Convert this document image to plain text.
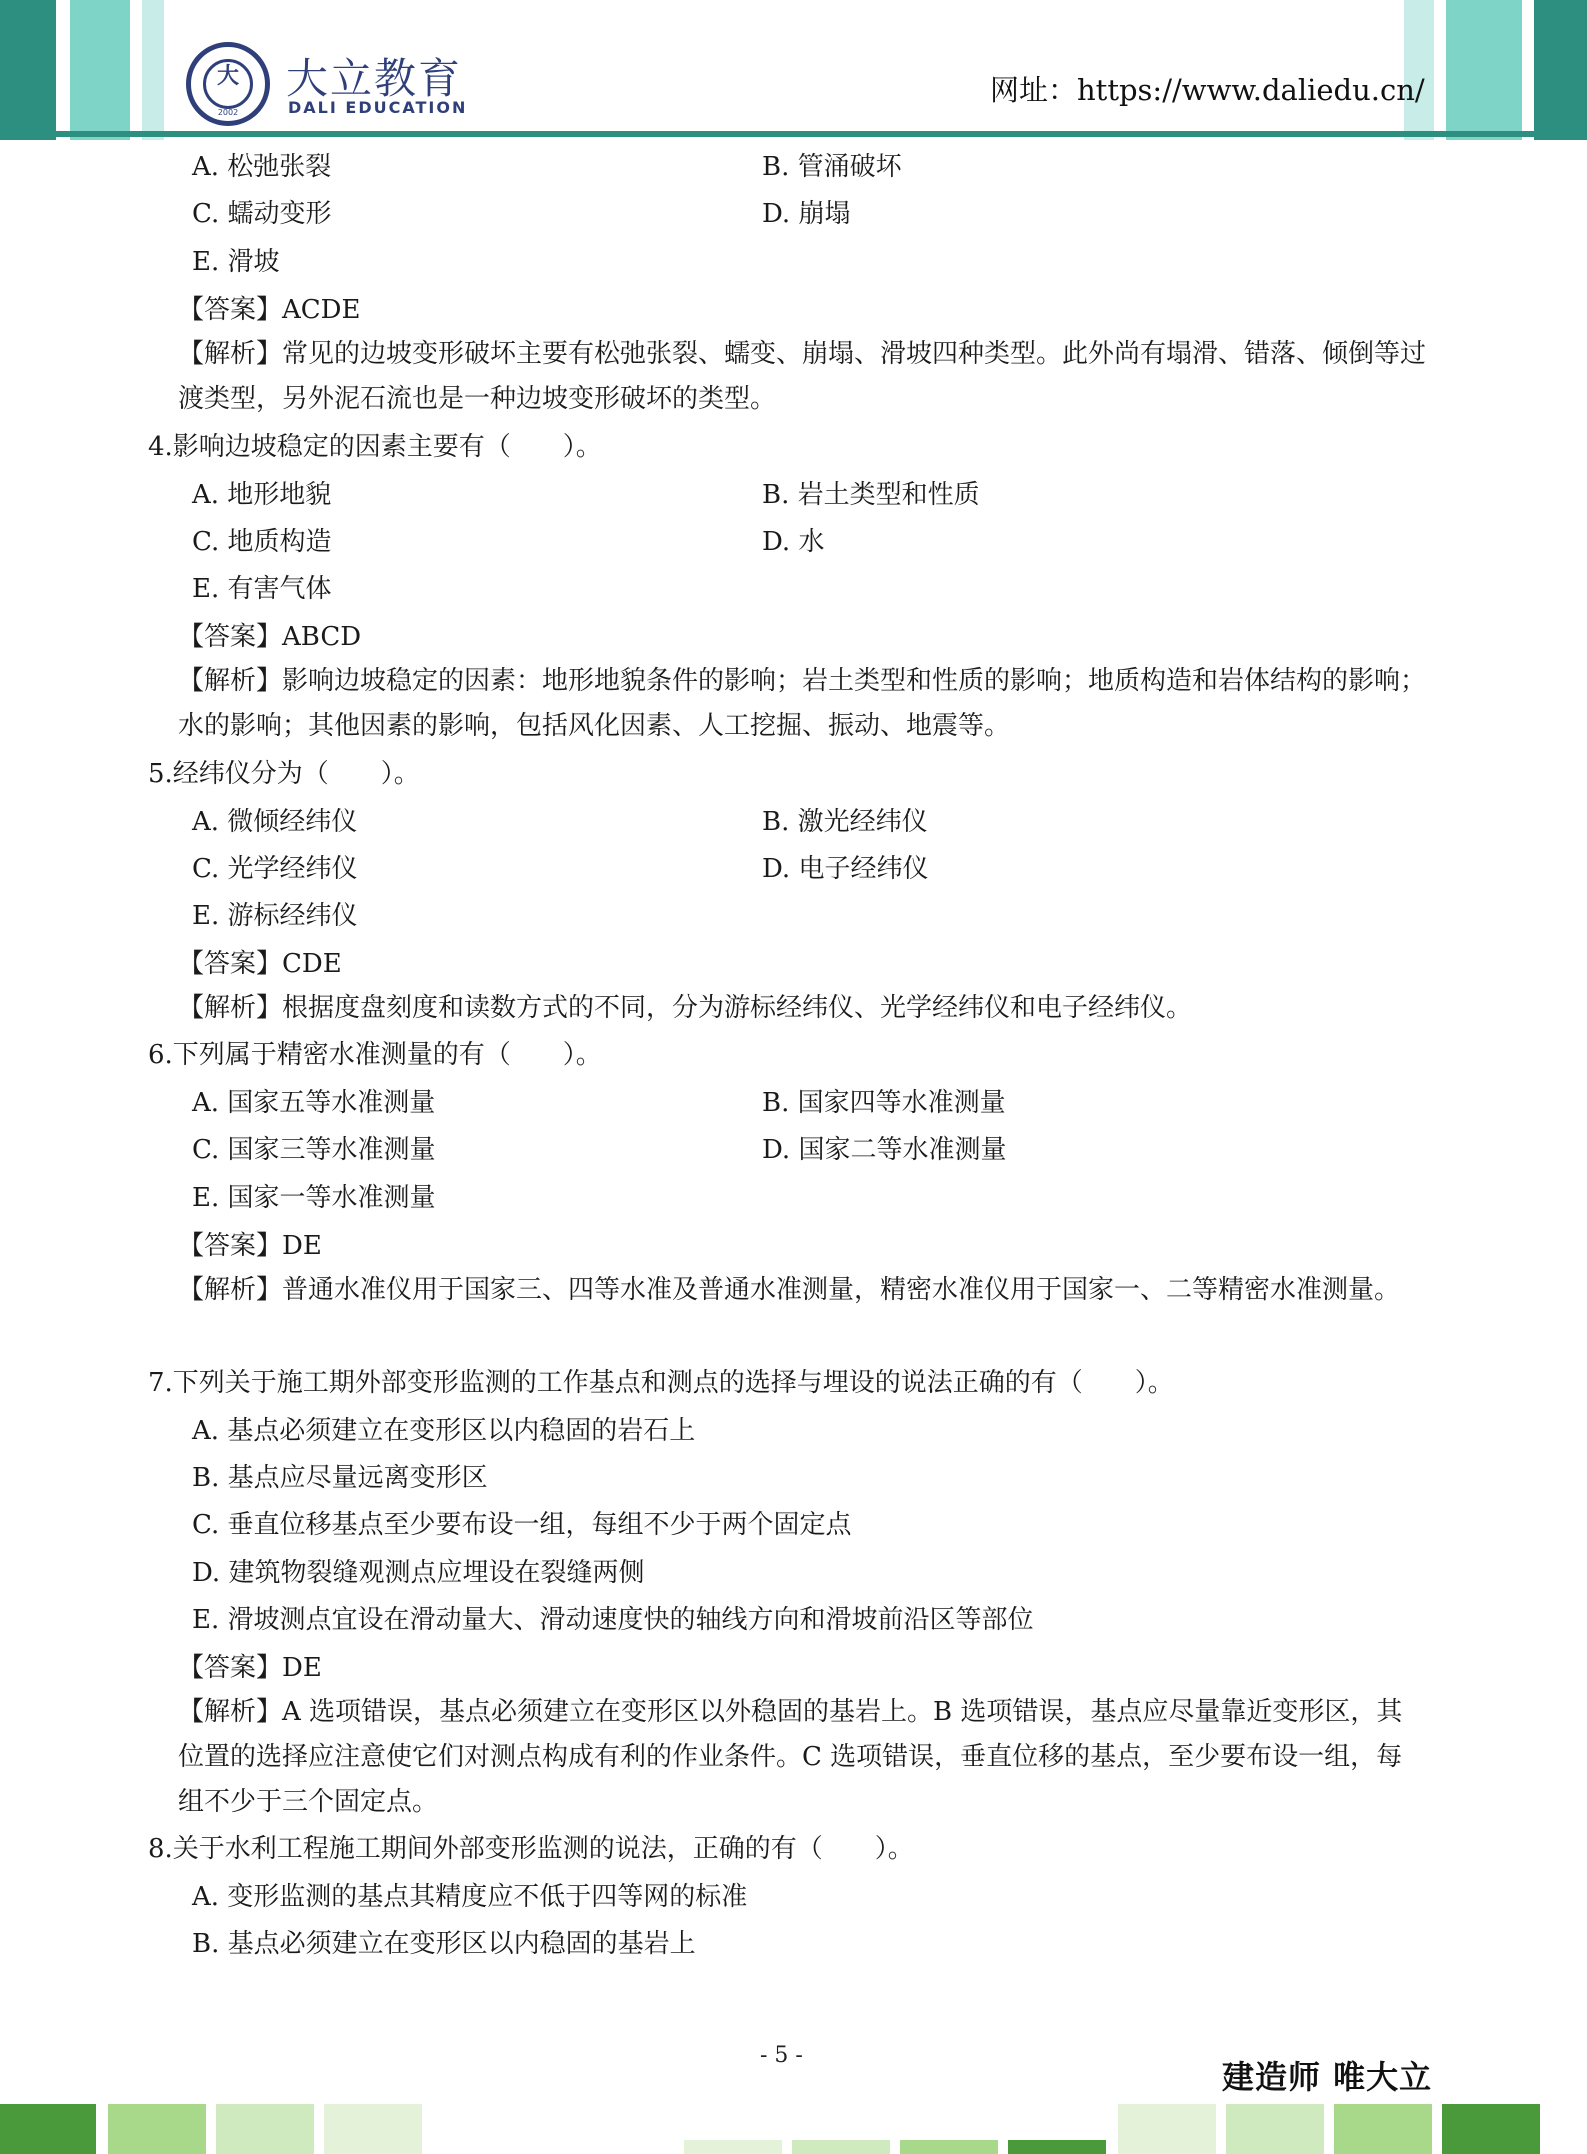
大
2002
大立教育
DALI EDUCATION
网址：https://www.daliedu.cn/
A. 松弛张裂	B. 管涌破坏
C. 蠕动变形	D. 崩塌
E. 滑坡
【答案】ACDE
【解析】常见的边坡变形破坏主要有松弛张裂、蠕变、崩塌、滑坡四种类型。此外尚有塌滑、错落、倾倒等过渡类型，另外泥石流也是一种边坡变形破坏的类型。
4.影响边坡稳定的因素主要有（　　）。
A. 地形地貌	B. 岩土类型和性质
C. 地质构造	D. 水
E. 有害气体
【答案】ABCD
【解析】影响边坡稳定的因素：地形地貌条件的影响；岩土类型和性质的影响；地质构造和岩体结构的影响；水的影响；其他因素的影响，包括风化因素、人工挖掘、振动、地震等。
5.经纬仪分为（　　）。
A. 微倾经纬仪	B. 激光经纬仪
C. 光学经纬仪	D. 电子经纬仪
E. 游标经纬仪
【答案】CDE
【解析】根据度盘刻度和读数方式的不同，分为游标经纬仪、光学经纬仪和电子经纬仪。
6.下列属于精密水准测量的有（　　）。
A. 国家五等水准测量	B. 国家四等水准测量
C. 国家三等水准测量	D. 国家二等水准测量
E. 国家一等水准测量
【答案】DE
【解析】普通水准仪用于国家三、四等水准及普通水准测量，精密水准仪用于国家一、二等精密水准测量。
7.下列关于施工期外部变形监测的工作基点和测点的选择与埋设的说法正确的有（　　）。
A. 基点必须建立在变形区以内稳固的岩石上
B. 基点应尽量远离变形区
C. 垂直位移基点至少要布设一组，每组不少于两个固定点
D. 建筑物裂缝观测点应埋设在裂缝两侧
E. 滑坡测点宜设在滑动量大、滑动速度快的轴线方向和滑坡前沿区等部位
【答案】DE
【解析】A 选项错误，基点必须建立在变形区以外稳固的基岩上。B 选项错误，基点应尽量靠近变形区，其位置的选择应注意使它们对测点构成有利的作业条件。C 选项错误，垂直位移的基点，至少要布设一组，每组不少于三个固定点。
8.关于水利工程施工期间外部变形监测的说法，正确的有（　　）。
A. 变形监测的基点其精度应不低于四等网的标准
B. 基点必须建立在变形区以内稳固的基岩上
- 5 -
建造师 唯大立
